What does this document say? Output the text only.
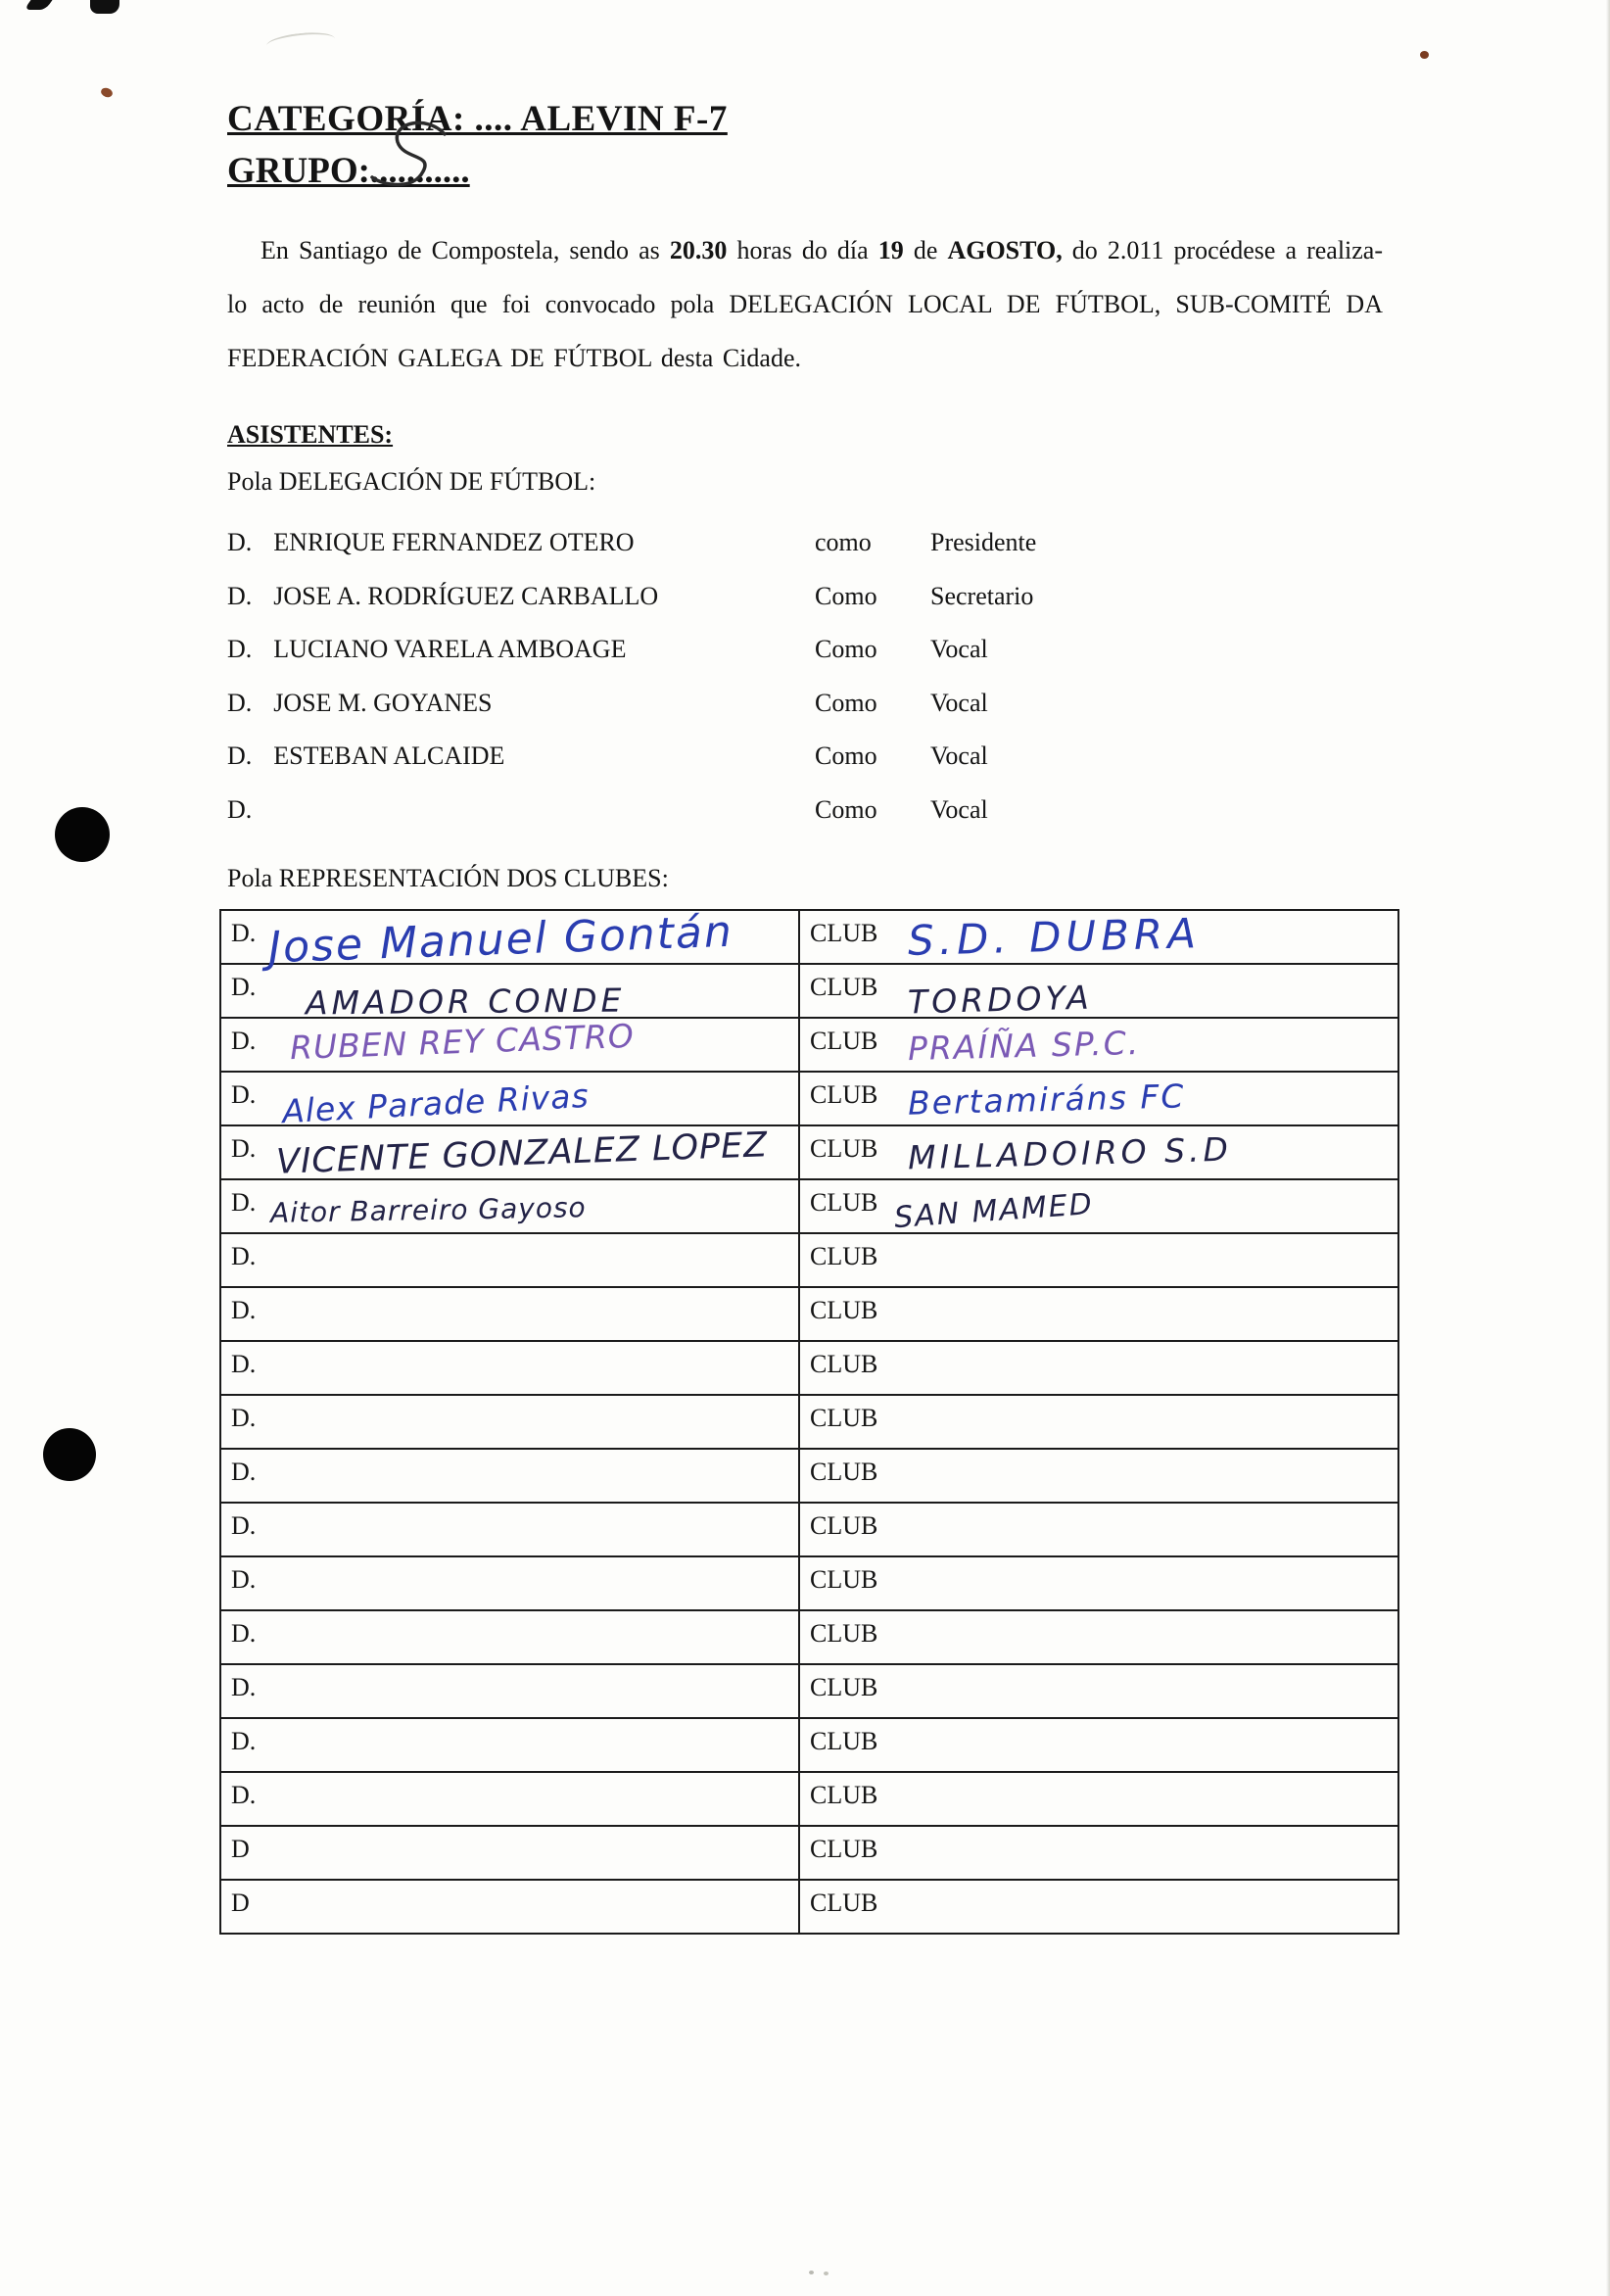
CATEGORÍA: .... ALEVIN F-7
GRUPO:...........

En Santiago de Compostela, sendo as 20.30 horas do día 19 de AGOSTO, do 2.011 procédese a realiza-lo acto de reunión que foi convocado pola DELEGACIÓN LOCAL DE FÚTBOL, SUB-COMITÉ DA FEDERACIÓN GALEGA DE FÚTBOL desta Cidade.

ASISTENTES:
Pola DELEGACIÓN DE FÚTBOL:
D. ENRIQUE FERNANDEZ OTERO	como	Presidente
D. JOSE A. RODRÍGUEZ CARBALLO	Como	Secretario
D. LUCIANO VARELA AMBOAGE	Como	Vocal
D. JOSE M. GOYANES	Como	Vocal
D. ESTEBAN ALCAIDE	Como	Vocal
D.	Como	Vocal
Pola REPRESENTACIÓN DOS CLUBES:
D. Jose Manuel Gontán	CLUB S.D. DUBRA

D. AMADOR CONDE	CLUB TORDOYA

D. RUBEN REY CASTRO	CLUB PRAÍÑA SP.C.

D. Alex Parade Rivas	CLUB Bertamiráns FC

D. VICENTE GONZALEZ LOPEZ	CLUB MILLADOIRO S.D

D. Aitor Barreiro Gayoso	CLUB SAN MAMED

D.	CLUB
D.	CLUB
D.	CLUB
D.	CLUB
D.	CLUB
D.	CLUB
D.	CLUB
D.	CLUB
D.	CLUB
D.	CLUB
D.	CLUB
D	CLUB
D	CLUB
